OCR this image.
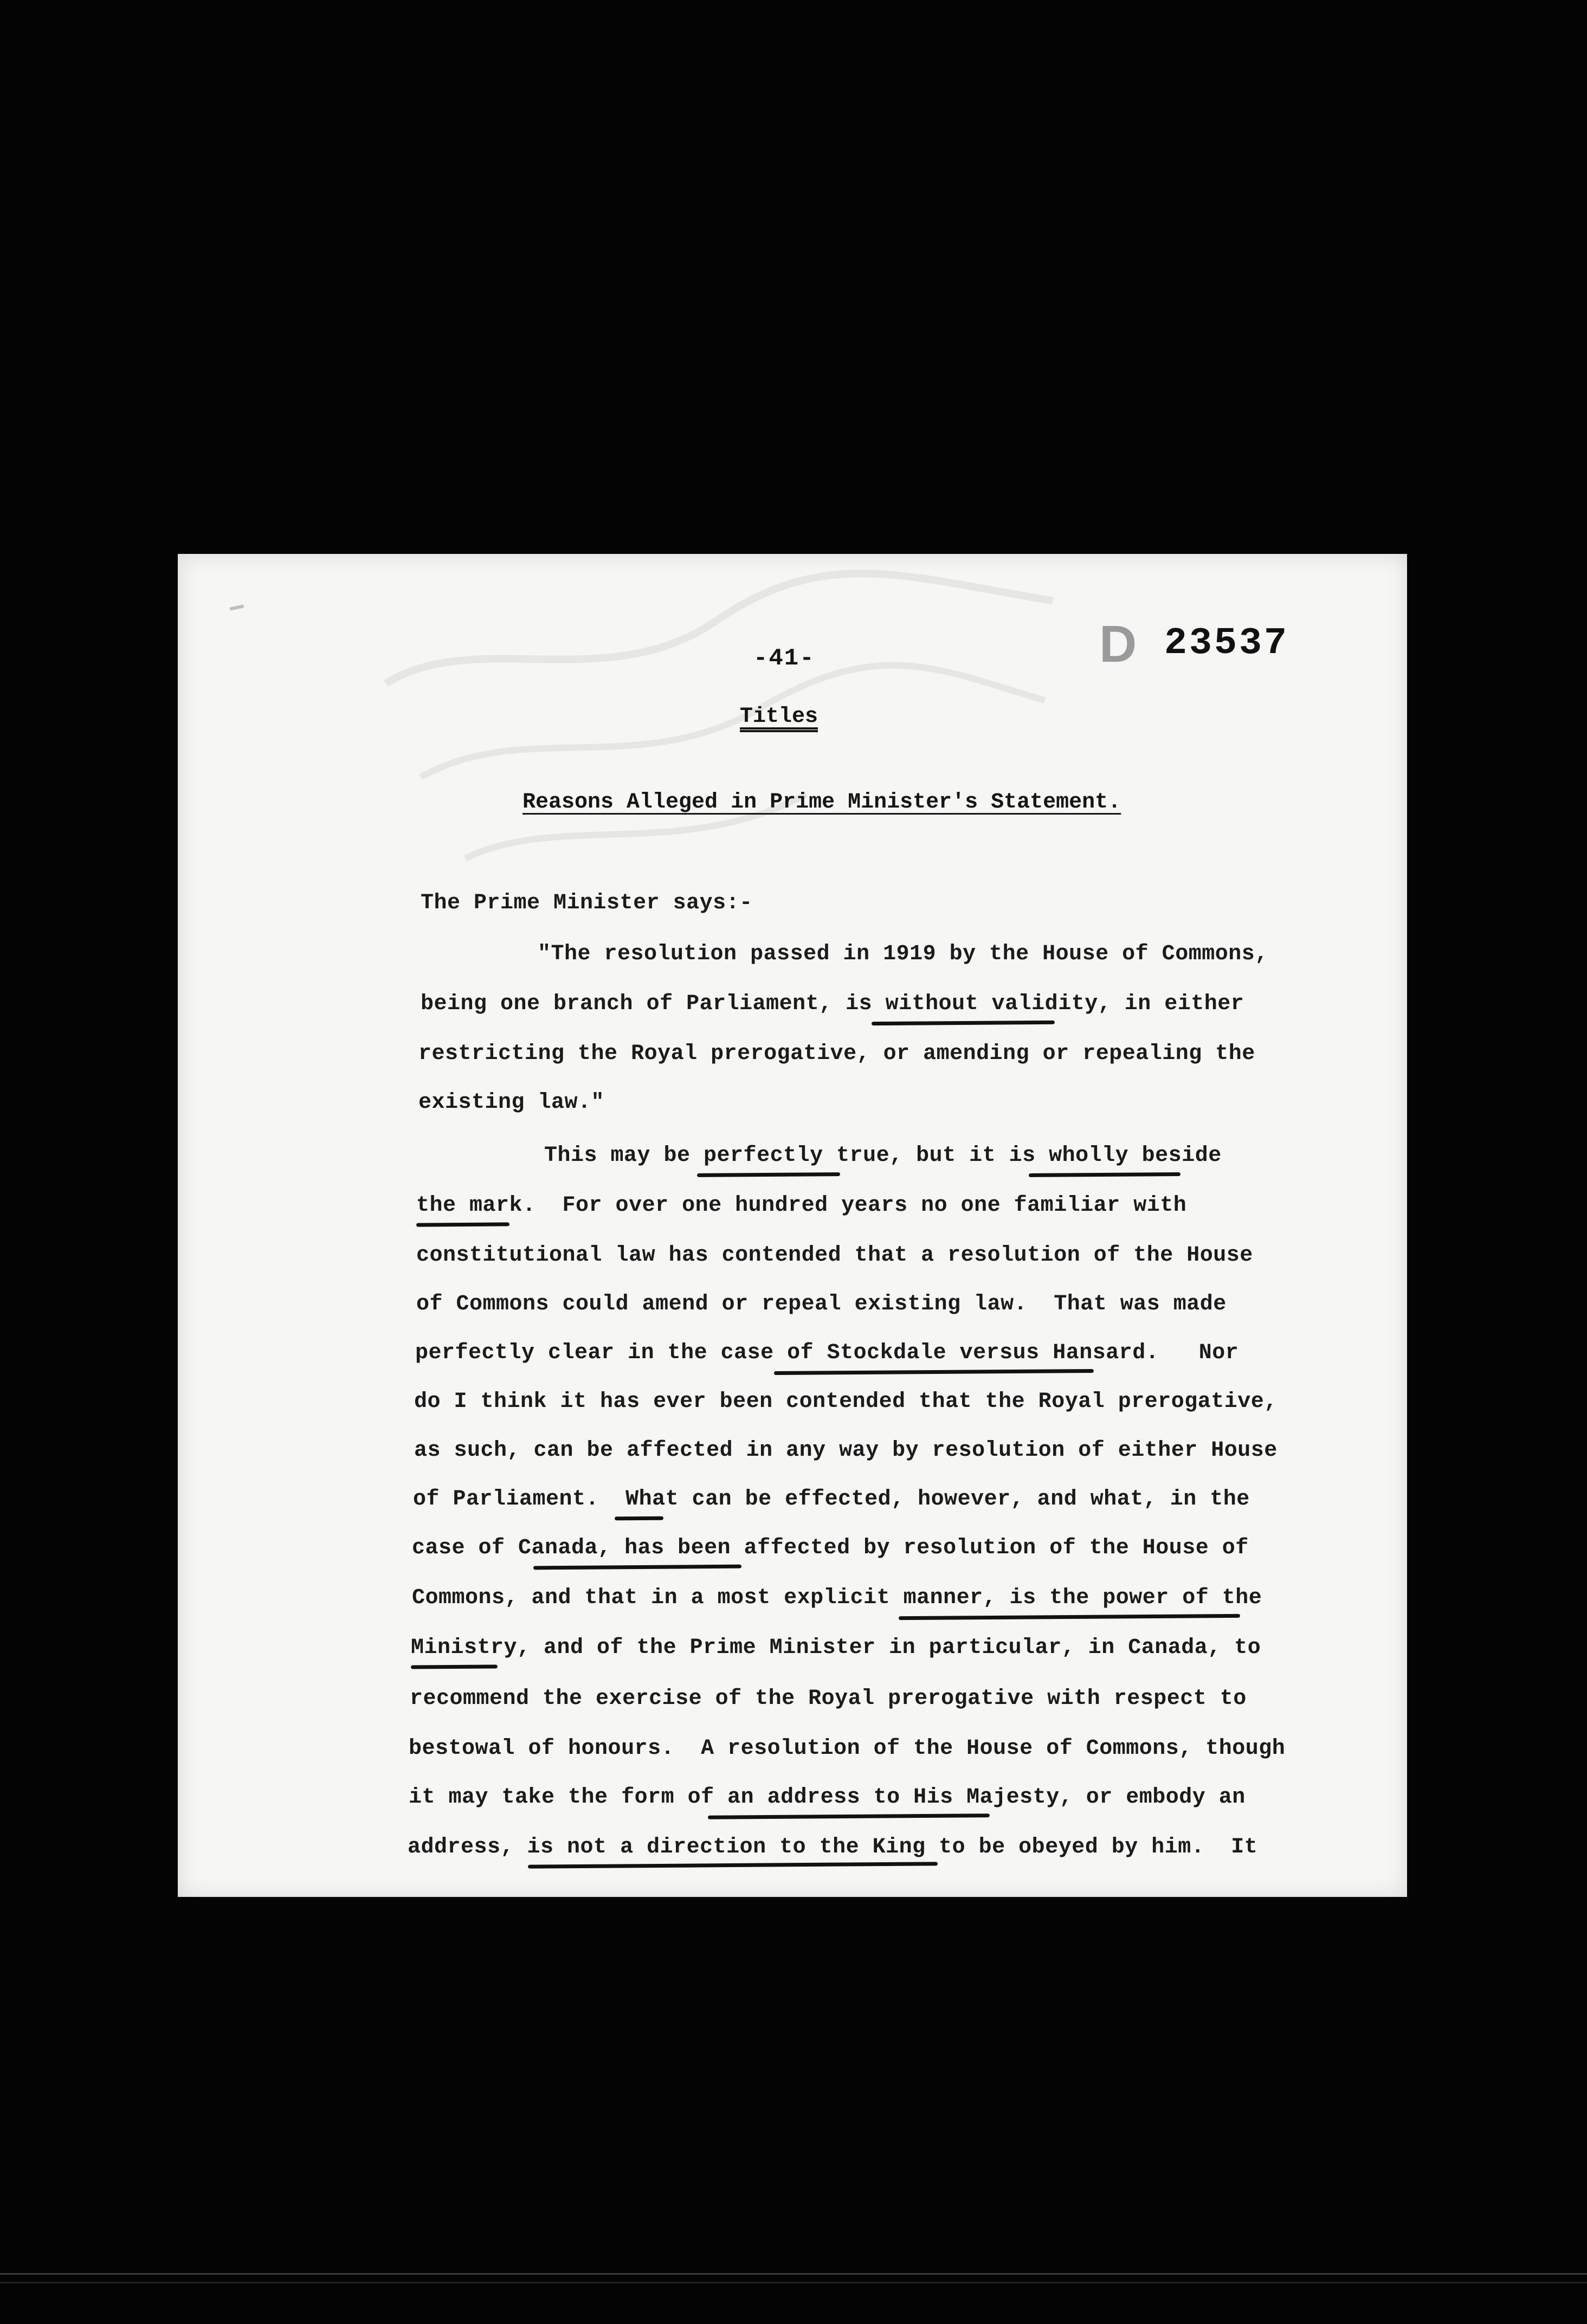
-41-	D 23537
Titles
Reasons Alleged in Prime Minister's Statement.
The Prime Minister says:-
"The resolution passed in 1919 by the House of Commons,
being one branch of Parliament, is without validity, in either
restricting the Royal prerogative, or amending or repealing the
existing law."
This may be perfectly true, but it is wholly beside
the mark.  For over one hundred years no one familiar with
constitutional law has contended that a resolution of the House
of Commons could amend or repeal existing law.  That was made
perfectly clear in the case of Stockdale versus Hansard.   Nor
do I think it has ever been contended that the Royal prerogative,
as such, can be affected in any way by resolution of either House
of Parliament.  What can be effected, however, and what, in the
case of Canada, has been affected by resolution of the House of
Commons, and that in a most explicit manner, is the power of the
Ministry, and of the Prime Minister in particular, in Canada, to
recommend the exercise of the Royal prerogative with respect to
bestowal of honours.  A resolution of the House of Commons, though
it may take the form of an address to His Majesty, or embody an
address, is not a direction to the King to be obeyed by him.  It
